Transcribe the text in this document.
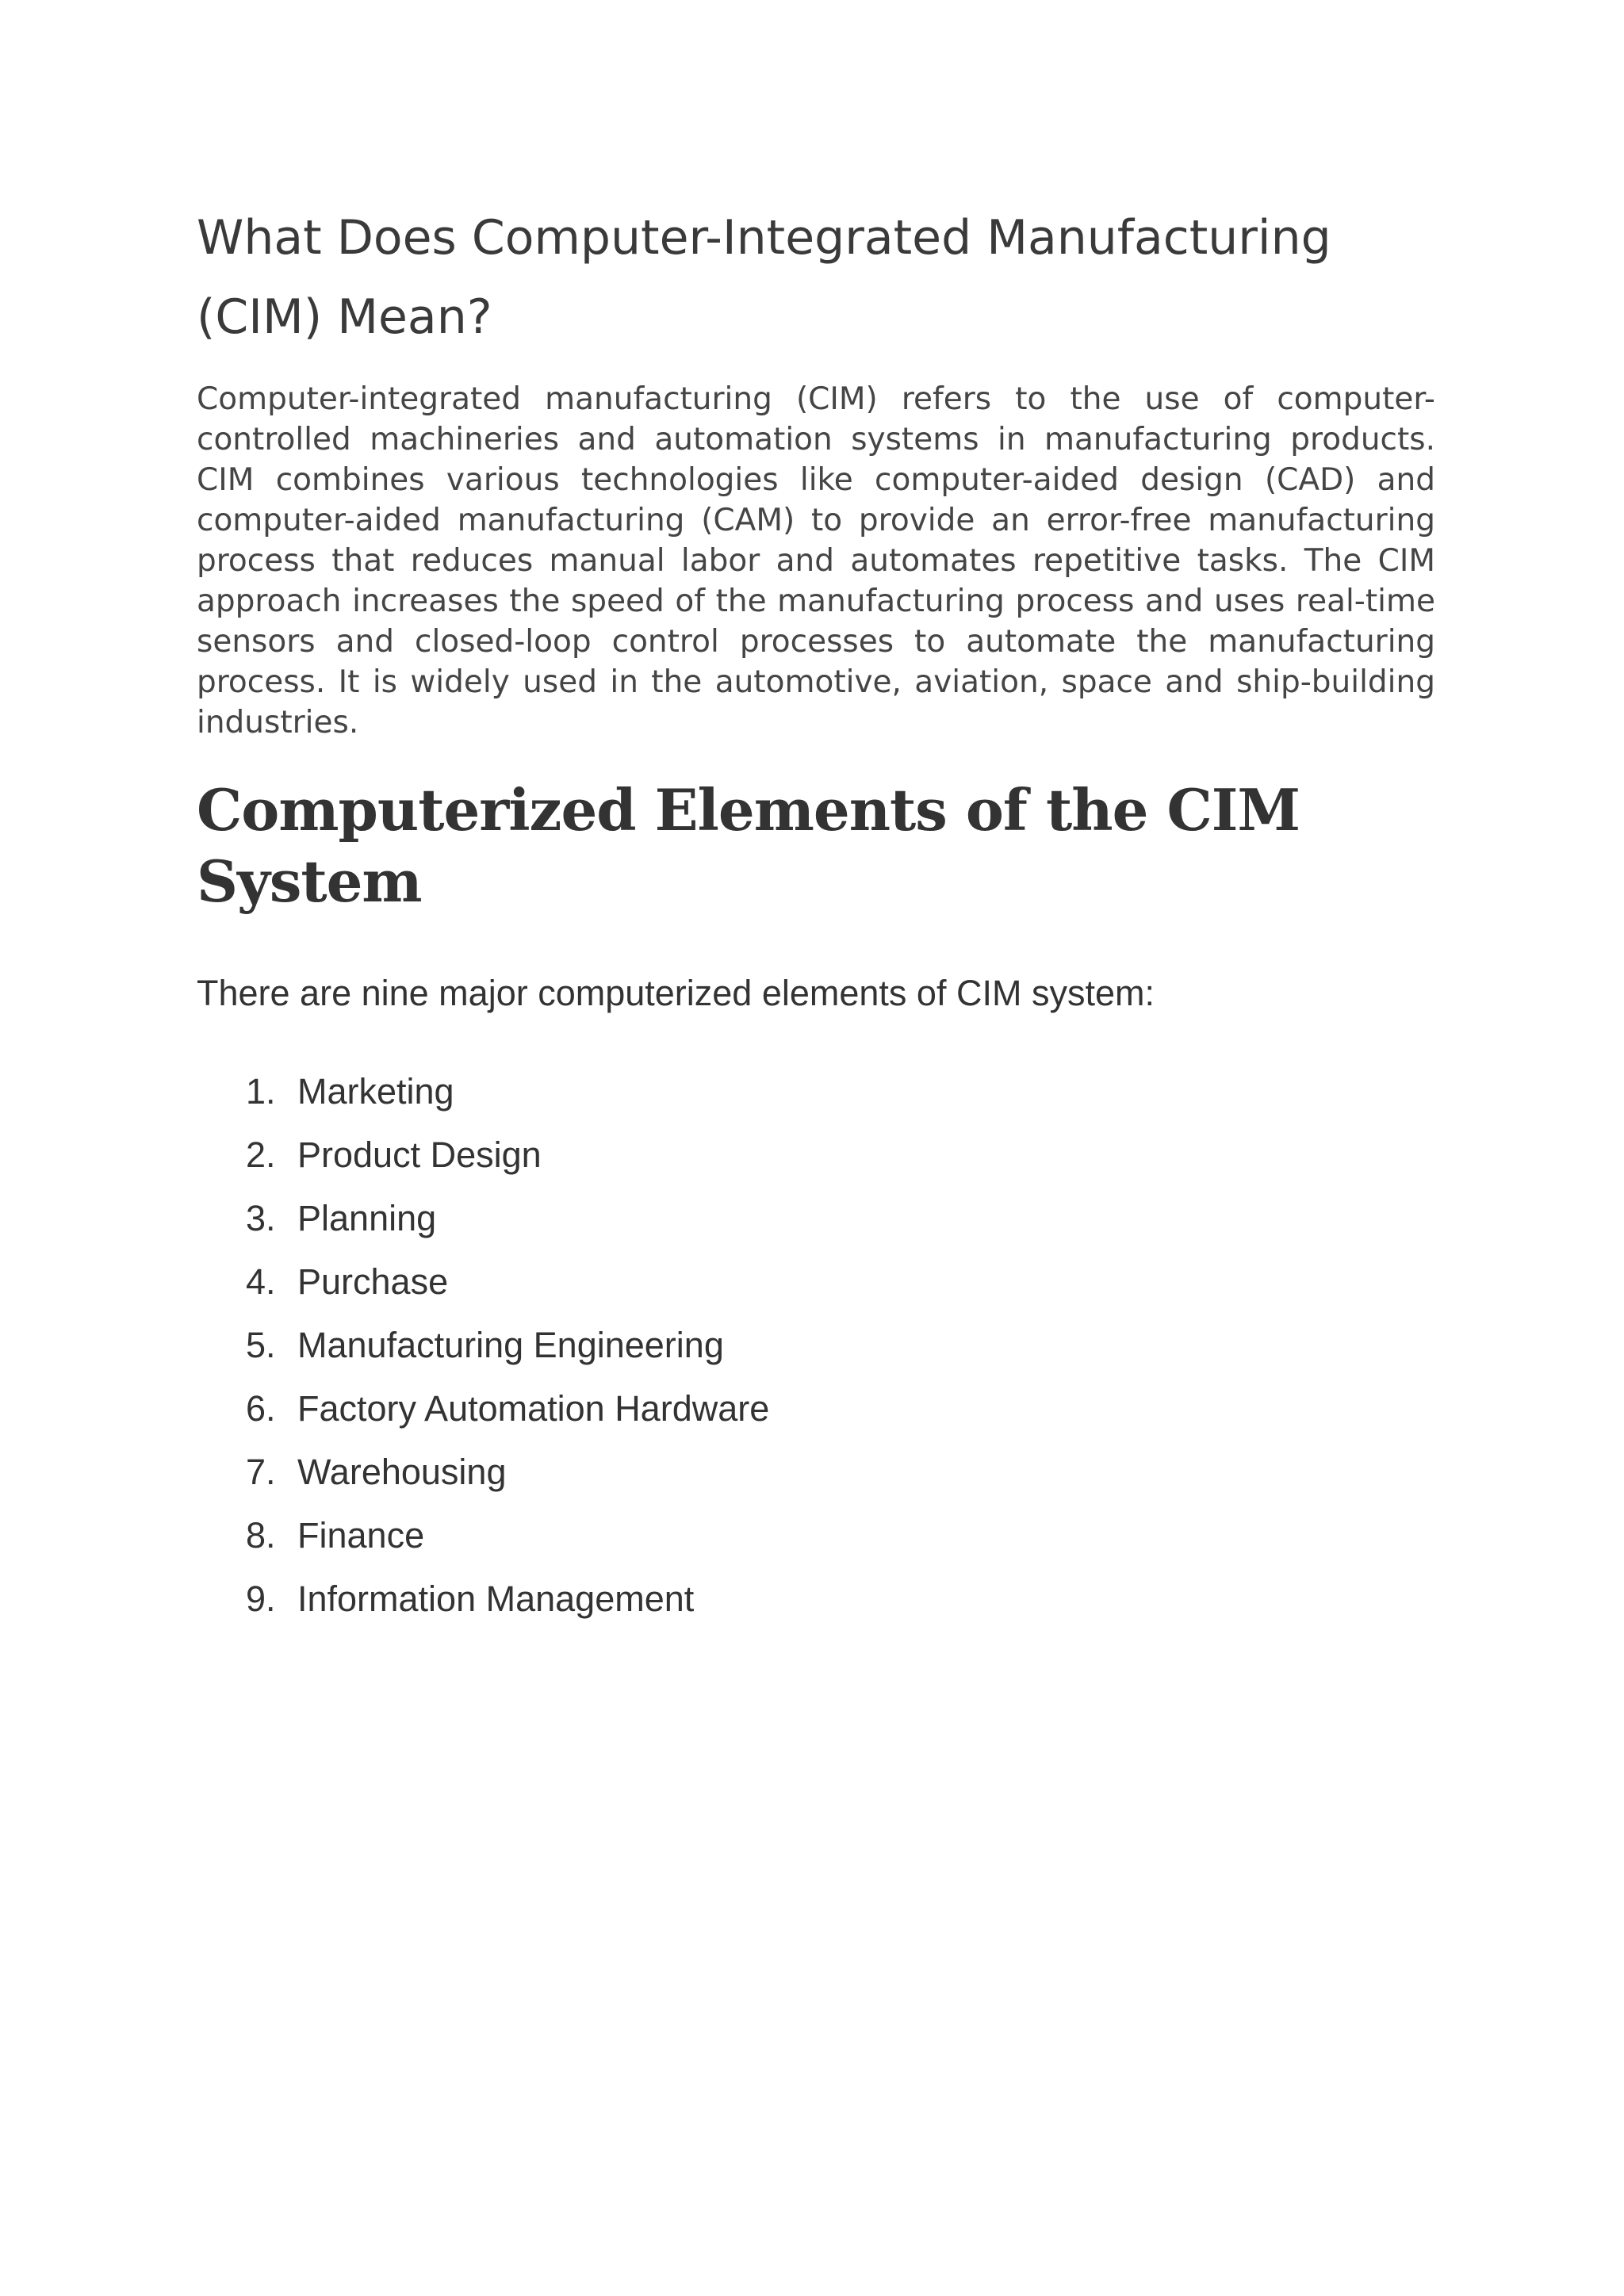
What Does Computer-Integrated Manufacturing (CIM) Mean?

Computer-integrated manufacturing (CIM) refers to the use of computer-controlled machineries and automation systems in manufacturing products. CIM combines various technologies like computer-aided design (CAD) and computer-aided manufacturing (CAM) to provide an error-free manufacturing process that reduces manual labor and automates repetitive tasks. The CIM approach increases the speed of the manufacturing process and uses real-time sensors and closed-loop control processes to automate the manufacturing process. It is widely used in the automotive, aviation, space and ship-building industries.

Computerized Elements of the CIM System

There are nine major computerized elements of CIM system:

1. Marketing
2. Product Design
3. Planning
4. Purchase
5. Manufacturing Engineering
6. Factory Automation Hardware
7. Warehousing
8. Finance
9. Information Management
